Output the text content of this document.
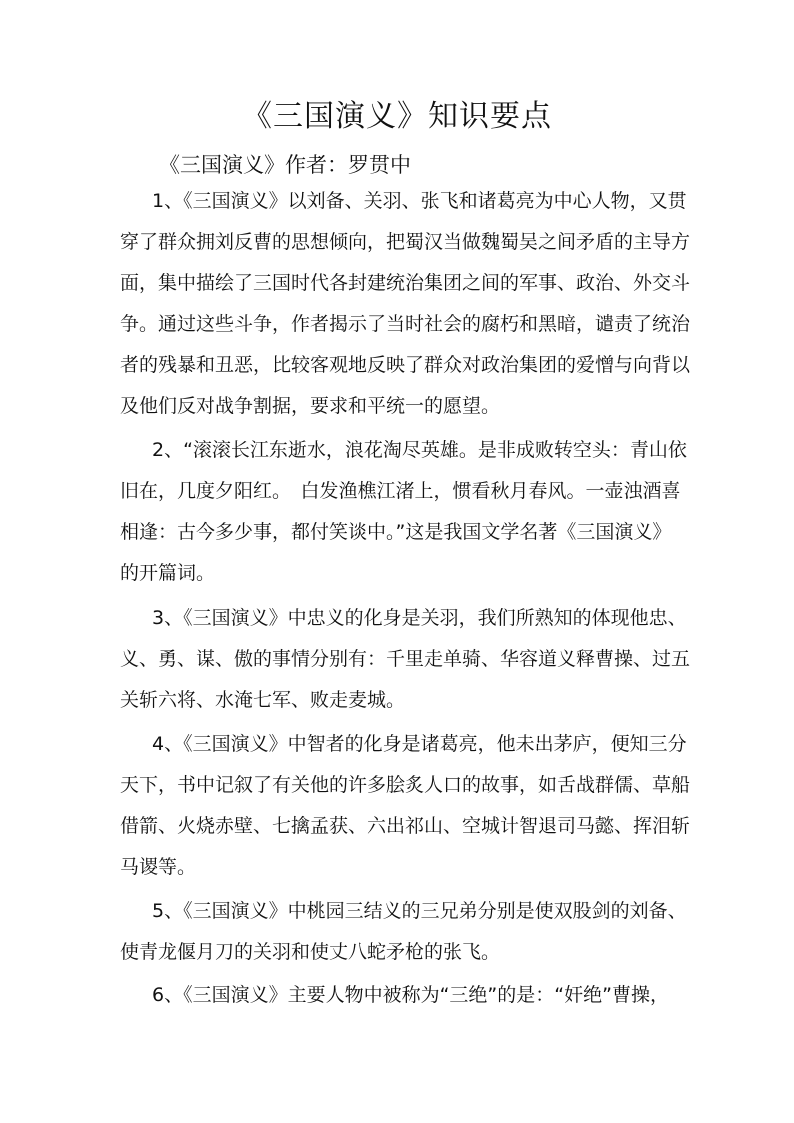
《三国演义》知识要点
《三国演义》作者：罗贯中
1、《三国演义》以刘备、关羽、张飞和诸葛亮为中心人物，又贯
穿了群众拥刘反曹的思想倾向，把蜀汉当做魏蜀吴之间矛盾的主导方
面，集中描绘了三国时代各封建统治集团之间的军事、政治、外交斗
争。通过这些斗争，作者揭示了当时社会的腐朽和黑暗，谴责了统治
者的残暴和丑恶，比较客观地反映了群众对政治集团的爱憎与向背以
及他们反对战争割据，要求和平统一的愿望。
2、“滚滚长江东逝水，浪花淘尽英雄。是非成败转空头：青山依
旧在，几度夕阳红。　白发渔樵江渚上，惯看秋月春风。一壶浊酒喜
相逢：古今多少事，都付笑谈中。”这是我国文学名著《三国演义》
的开篇词。
3、《三国演义》中忠义的化身是关羽，我们所熟知的体现他忠、
义、勇、谋、傲的事情分别有：千里走单骑、华容道义释曹操、过五
关斩六将、水淹七军、败走麦城。
4、《三国演义》中智者的化身是诸葛亮，他未出茅庐，便知三分
天下，书中记叙了有关他的许多脍炙人口的故事，如舌战群儒、草船
借箭、火烧赤壁、七擒孟获、六出祁山、空城计智退司马懿、挥泪斩
马谡等。
5、《三国演义》中桃园三结义的三兄弟分别是使双股剑的刘备、
使青龙偃月刀的关羽和使丈八蛇矛枪的张飞。
6、《三国演义》主要人物中被称为“三绝”的是：“奸绝”曹操，
